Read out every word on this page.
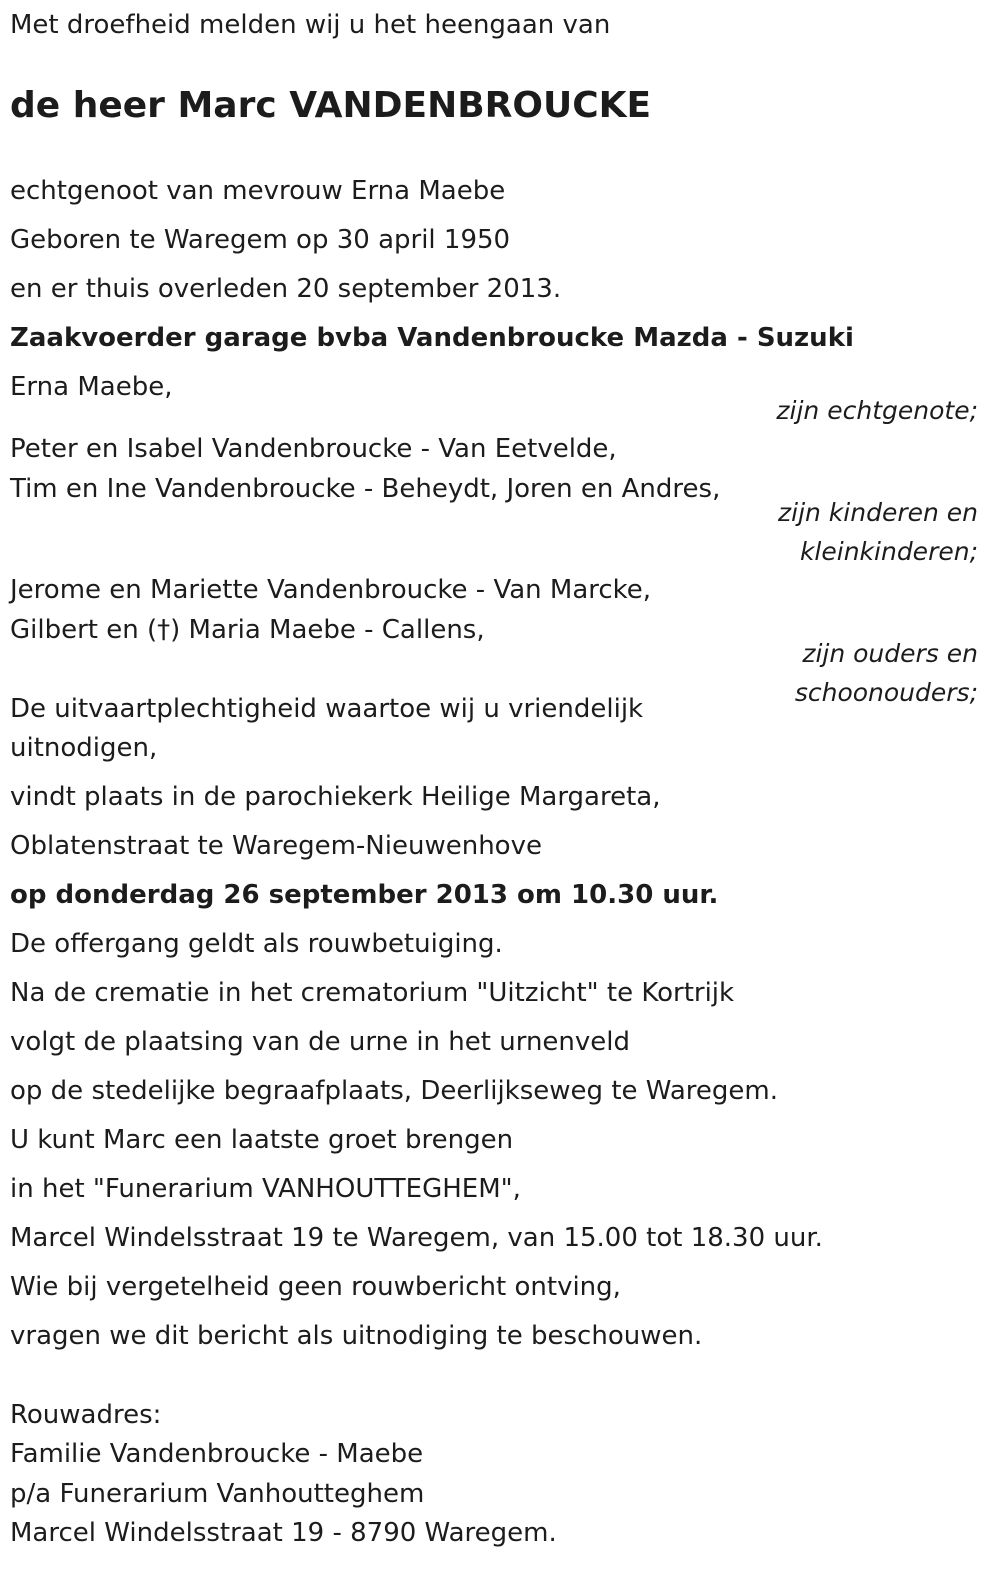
Met droefheid melden wij u het heengaan van
de heer Marc VANDENBROUCKE
echtgenoot van mevrouw Erna Maebe
Geboren te Waregem op 30 april 1950
en er thuis overleden 20 september 2013.
Zaakvoerder garage bvba Vandenbroucke Mazda - Suzuki
Erna Maebe,
zijn echtgenote;
Peter en Isabel Vandenbroucke - Van Eetvelde,
Tim en Ine Vandenbroucke - Beheydt, Joren en Andres,
zijn kinderen en
kleinkinderen;
Jerome en Mariette Vandenbroucke - Van Marcke,
Gilbert en (†) Maria Maebe - Callens,
zijn ouders en
schoonouders;
De uitvaartplechtigheid waartoe wij u vriendelijk
uitnodigen,
vindt plaats in de parochiekerk Heilige Margareta,
Oblatenstraat te Waregem-Nieuwenhove
op donderdag 26 september 2013 om 10.30 uur.
De offergang geldt als rouwbetuiging.
Na de crematie in het crematorium "Uitzicht" te Kortrijk
volgt de plaatsing van de urne in het urnenveld
op de stedelijke begraafplaats, Deerlijkseweg te Waregem.
U kunt Marc een laatste groet brengen
in het "Funerarium VANHOUTTEGHEM",
Marcel Windelsstraat 19 te Waregem, van 15.00 tot 18.30 uur.
Wie bij vergetelheid geen rouwbericht ontving,
vragen we dit bericht als uitnodiging te beschouwen.
Rouwadres:
Familie Vandenbroucke - Maebe
p/a Funerarium Vanhoutteghem
Marcel Windelsstraat 19 - 8790 Waregem.
